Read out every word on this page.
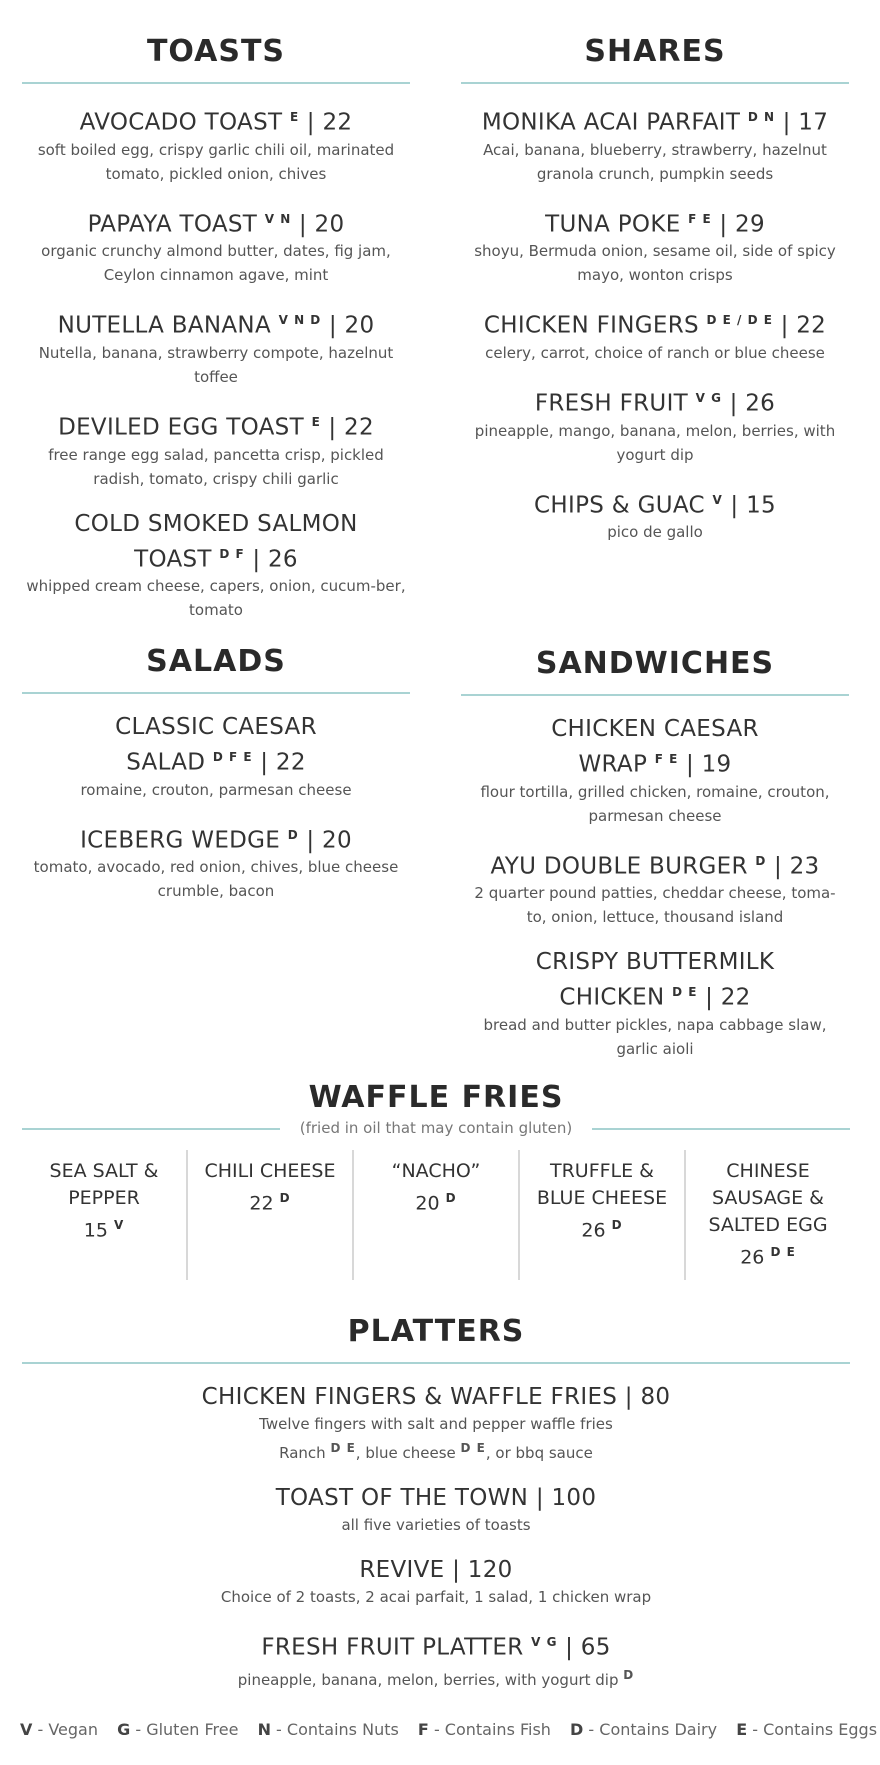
TOASTS
AVOCADO TOAST $^E$ | 22
soft boiled egg, crispy garlic chili oil, marinated tomato, pickled onion, chives
PAPAYA TOAST $^{V N}$ | 20
organic crunchy almond butter, dates, fig jam, Ceylon cinnamon agave, mint
NUTELLA BANANA $^{V N D}$ | 20
Nutella, banana, strawberry compote, hazelnut toffee
DEVILED EGG TOAST $^E$ | 22
free range egg salad, pancetta crisp, pickled radish, tomato, crispy chili garlic
COLD SMOKED SALMON TOAST $^{D F}$ | 26
whipped cream cheese, capers, onion, cucum-ber, tomato
SHARES
MONIKA ACAI PARFAIT $^{D N}$ | 17
Acai, banana, blueberry, strawberry, hazelnut granola crunch, pumpkin seeds
TUNA POKE $^{F E}$ | 29
shoyu, Bermuda onion, sesame oil, side of spicy mayo, wonton crisps
CHICKEN FINGERS $^{D E / D E}$ | 22
celery, carrot, choice of ranch or blue cheese
FRESH FRUIT $^{V G}$ | 26
pineapple, mango, banana, melon, berries, with yogurt dip
CHIPS & GUAC $^V$ | 15
pico de gallo
SALADS
CLASSIC CAESAR SALAD $^{D F E}$ | 22
romaine, crouton, parmesan cheese
ICEBERG WEDGE $^D$ | 20
tomato, avocado, red onion, chives, blue cheese crumble, bacon
SANDWICHES
CHICKEN CAESAR WRAP $^{F E}$ | 19
flour tortilla, grilled chicken, romaine, crouton, parmesan cheese
AYU DOUBLE BURGER $^D$ | 23
2 quarter pound patties, cheddar cheese, toma-to, onion, lettuce, thousand island
CRISPY BUTTERMILK CHICKEN $^{D E}$ | 22
bread and butter pickles, napa cabbage slaw, garlic aioli
WAFFLE FRIES
(fried in oil that may contain gluten)
SEA SALT & PEPPER
15 $^V$
CHILI CHEESE
22 $^D$
“NACHO”
20 $^D$
TRUFFLE & BLUE CHEESE
26 $^D$
CHINESE SAUSAGE & SALTED EGG
26 $^{D E}$
PLATTERS
CHICKEN FINGERS & WAFFLE FRIES | 80
Twelve fingers with salt and pepper waffle fries
Ranch $^{D E}$, blue cheese $^{D E}$, or bbq sauce
TOAST OF THE TOWN | 100
all five varieties of toasts
REVIVE | 120
Choice of 2 toasts, 2 acai parfait, 1 salad, 1 chicken wrap
FRESH FRUIT PLATTER $^{V G}$ | 65
pineapple, banana, melon, berries, with yogurt dip $^D$
V - Vegan G - Gluten Free N - Contains Nuts F - Contains Fish D - Contains Dairy E - Contains Eggs
